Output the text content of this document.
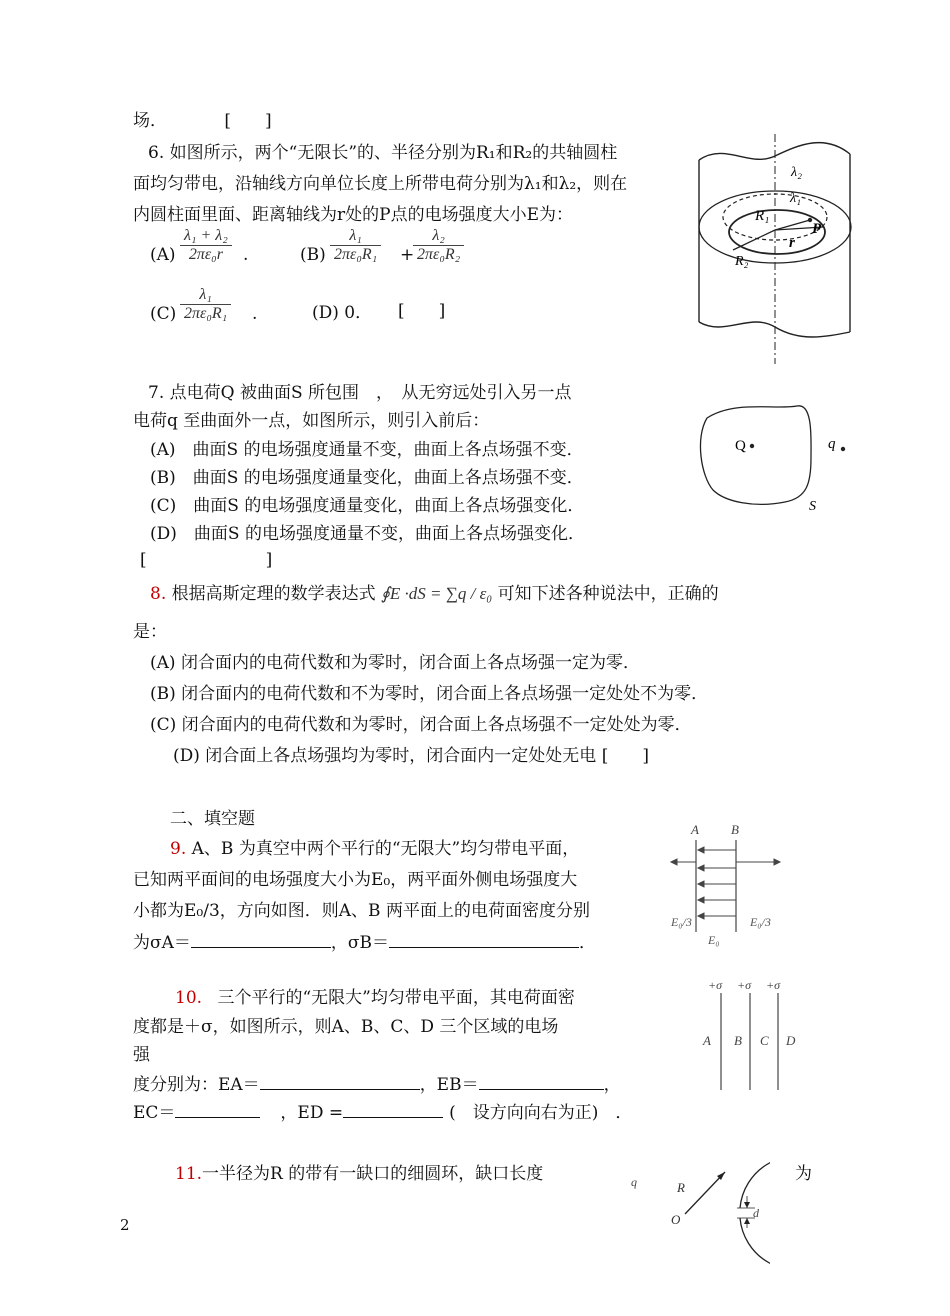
场．	[　　]
6. 如图所示，两个“无限长”的、半径分别为R₁和R₂的共轴圆柱
面均匀带电，沿轴线方向单位长度上所带电荷分别为λ₁和λ₂，则在
内圆柱面里面、距离轴线为r处的P点的电场强度大小E为：
$(A) \frac{\text{λ₁ + λ₂}}{\text{2πε₀r}}$ .	$(B) \frac{\text{λ₁}}{\text{2πε₀R₁}}$ +
$\frac{\text{λ₂}}{\text{2πε₀R₂}}$
$(C) \frac{\text{λ₁}}{\text{2πε₀R₁}}$ .	(D) 0． [　　]
λ₂
λ₁
R₁
P
r
R₂
7. 点电荷Q 被曲面S 所包围　，　从无穷远处引入另一点
电荷q 至曲面外一点，如图所示，则引入前后：
(A)　曲面S 的电场强度通量不变，曲面上各点场强不变．
(B)　曲面S 的电场强度通量变化，曲面上各点场强不变．
(C)　曲面S 的电场强度通量变化，曲面上各点场强变化．
(D)　曲面S 的电场强度通量不变，曲面上各点场强变化．
[　　　　　　　]
Q	q
S
8. 根据高斯定理的数学表达式 ∮E ·dS = ∑q / ε₀ 可知下述各种说法中，正确的
是：
(A) 闭合面内的电荷代数和为零时，闭合面上各点场强一定为零．
(B) 闭合面内的电荷代数和不为零时，闭合面上各点场强一定处处不为零．
(C) 闭合面内的电荷代数和为零时，闭合面上各点场强不一定处处为零．
(D) 闭合面上各点场强均为零时，闭合面内一定处处无电 [　　]
二、填空题
9. A、B 为真空中两个平行的“无限大”均匀带电平面，
已知两平面间的电场强度大小为E₀，两平面外侧电场强度大
小都为E₀/3，方向如图．则A、B 两平面上的电荷面密度分别
为σA＝	，σB＝	．
A B
E₀/3	E₀/3
E₀
10. 三个平行的“无限大”均匀带电平面，其电荷面密
度都是＋σ，如图所示，则A、B、C、D 三个区域的电场
强
度分别为：EA＝	，EB＝	，
EC＝	，ED =	(　设方向向右为正)　．
+σ +σ +σ
A B C D
11.一半径为R 的带有一缺口的细圆环，缺口长度	为
q	R
O	d
2
